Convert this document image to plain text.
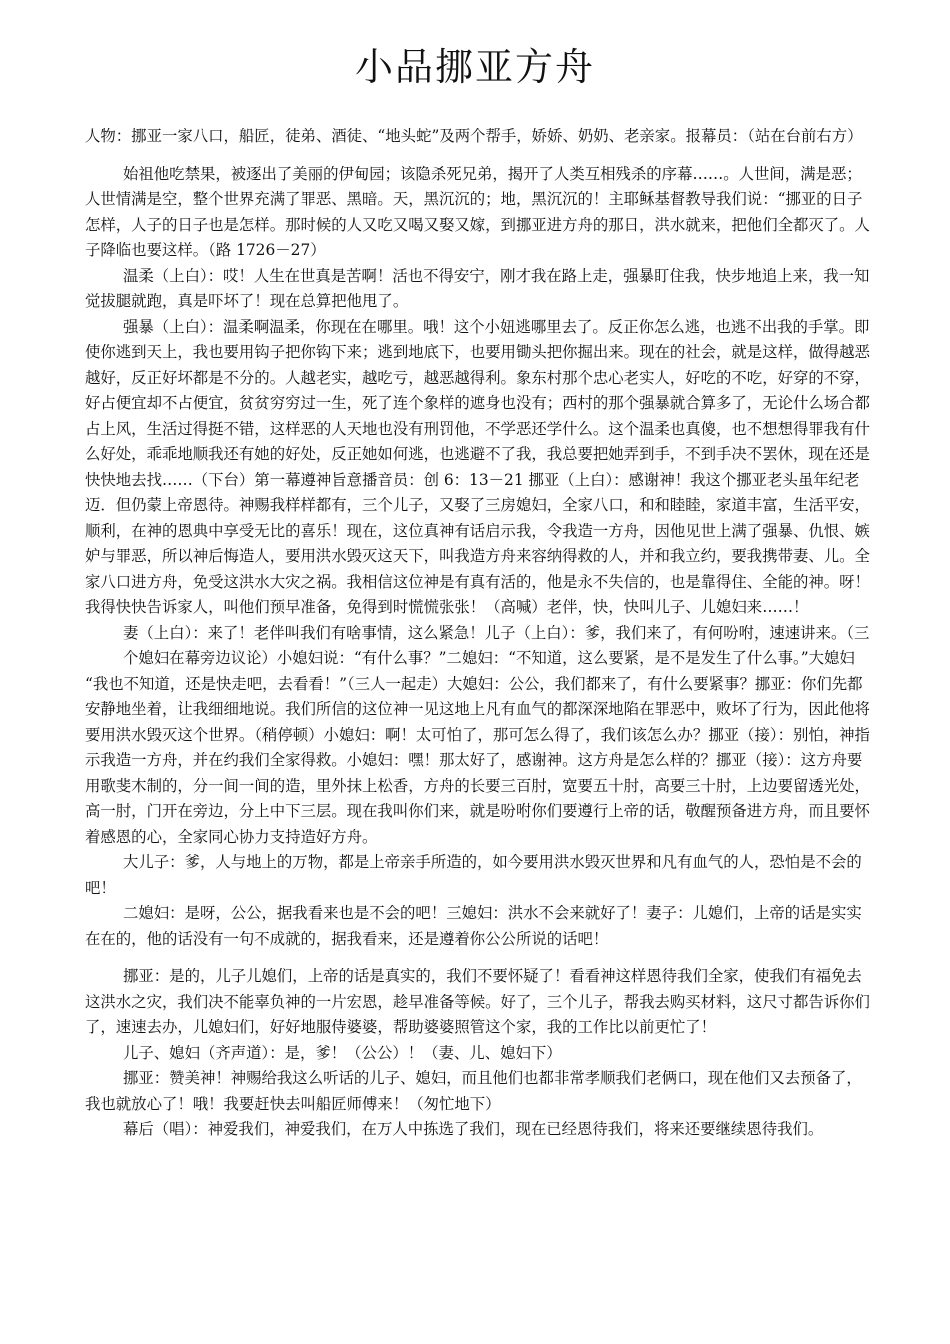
小品挪亚方舟

人物：挪亚一家八口，船匠，徒弟、酒徒、“地头蛇”及两个帮手，娇娇、奶奶、老亲家。报幕员：（站在台前右方）

始祖他吃禁果，被逐出了美丽的伊甸园；该隐杀死兄弟，揭开了人类互相残杀的序幕……。人世间，满是恶；人世情满是空，整个世界充满了罪恶、黑暗。天，黑沉沉的；地，黑沉沉的！主耶稣基督教导我们说：“挪亚的日子怎样，人子的日子也是怎样。那时候的人又吃又喝又娶又嫁，到挪亚进方舟的那日，洪水就来，把他们全都灭了。人子降临也要这样。（路 1726－27）

温柔（上白）：哎！人生在世真是苦啊！活也不得安宁，刚才我在路上走，强暴盯住我，快步地追上来，我一知觉拔腿就跑，真是吓坏了！现在总算把他甩了。

强暴（上白）：温柔啊温柔，你现在在哪里。哦！这个小妞逃哪里去了。反正你怎么逃，也逃不出我的手掌。即使你逃到天上，我也要用钩子把你钩下来；逃到地底下，也要用锄头把你掘出来。现在的社会，就是这样，做得越恶越好，反正好坏都是不分的。人越老实，越吃亏，越恶越得利。象东村那个忠心老实人，好吃的不吃，好穿的不穿，好占便宜却不占便宜，贫贫穷穷过一生，死了连个象样的遮身也没有；西村的那个强暴就合算多了，无论什么场合都占上风，生活过得挺不错，这样恶的人天地也没有刑罚他，不学恶还学什么。这个温柔也真傻，也不想想得罪我有什么好处，乖乖地顺我还有她的好处，反正她如何逃，也逃避不了我，我总要把她弄到手，不到手决不罢休，现在还是快快地去找……（下台）第一幕遵神旨意播音员：创 6：13－21 挪亚（上白）：感谢神！我这个挪亚老头虽年纪老迈．但仍蒙上帝恩待。神赐我样样都有，三个儿子，又娶了三房媳妇，全家八口，和和睦睦，家道丰富，生活平安，顺利，在神的恩典中享受无比的喜乐！现在，这位真神有话启示我，令我造一方舟，因他见世上满了强暴、仇恨、嫉妒与罪恶，所以神后悔造人，要用洪水毁灭这天下，叫我造方舟来容纳得救的人，并和我立约，要我携带妻、儿。全家八口进方舟，免受这洪水大灾之祸。我相信这位神是有真有活的，他是永不失信的，也是靠得住、全能的神。呀！我得快快告诉家人，叫他们预早准备，免得到时慌慌张张！（高喊）老伴，快，快叫儿子、儿媳妇来……！

妻（上白）：来了！老伴叫我们有啥事情，这么紧急！儿子（上白）：爹，我们来了，有何吩咐，速速讲来。（三个媳妇在幕旁边议论）小媳妇说：“有什么事？”二媳妇：“不知道，这么要紧，是不是发生了什么事。”大媳妇

“我也不知道，还是快走吧，去看看！”（三人一起走）大媳妇：公公，我们都来了，有什么要紧事？挪亚：你们先都安静地坐着，让我细细地说。我们所信的这位神一见这地上凡有血气的都深深地陷在罪恶中，败坏了行为，因此他将要用洪水毁灭这个世界。（稍停顿）小媳妇：啊！太可怕了，那可怎么得了，我们该怎么办？挪亚（接）：别怕，神指示我造一方舟，并在约我们全家得救。小媳妇：嘿！那太好了，感谢神。这方舟是怎么样的？挪亚（接）：这方舟要用歌斐木制的，分一间一间的造，里外抹上松香，方舟的长要三百肘，宽要五十肘，高要三十肘，上边要留透光处，高一肘，门开在旁边，分上中下三层。现在我叫你们来，就是吩咐你们要遵行上帝的话，敬醒预备进方舟，而且要怀着感恩的心，全家同心协力支持造好方舟。

大儿子：爹，人与地上的万物，都是上帝亲手所造的，如今要用洪水毁灭世界和凡有血气的人，恐怕是不会的吧！

二媳妇：是呀，公公，据我看来也是不会的吧！三媳妇：洪水不会来就好了！妻子：儿媳们，上帝的话是实实在在的，他的话没有一句不成就的，据我看来，还是遵着你公公所说的话吧！

挪亚：是的，儿子儿媳们，上帝的话是真实的，我们不要怀疑了！看看神这样恩待我们全家，使我们有福免去这洪水之灾，我们决不能辜负神的一片宏恩，趁早准备等候。好了，三个儿子，帮我去购买材料，这尺寸都告诉你们了，速速去办，儿媳妇们，好好地服侍婆婆，帮助婆婆照管这个家，我的工作比以前更忙了！

儿子、媳妇（齐声道）：是，爹！（公公）！（妻、儿、媳妇下）

挪亚：赞美神！神赐给我这么听话的儿子、媳妇，而且他们也都非常孝顺我们老俩口，现在他们又去预备了，我也就放心了！哦！我要赶快去叫船匠师傅来！（匆忙地下）

幕后（唱）：神爱我们，神爱我们，在万人中拣选了我们，现在已经恩待我们，将来还要继续恩待我们。
